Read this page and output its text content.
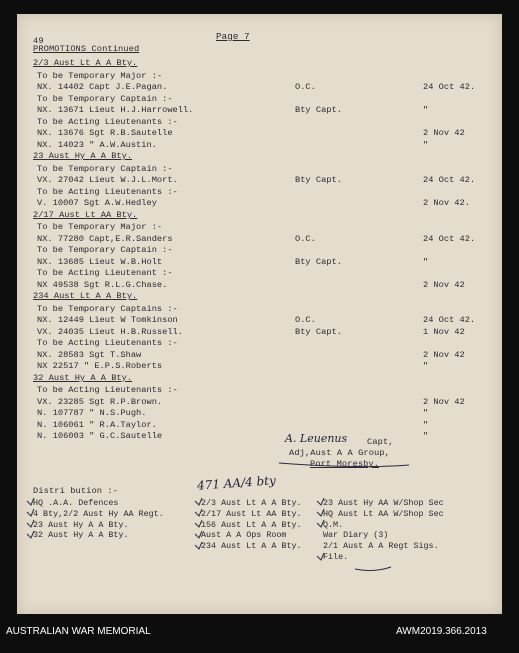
49	Page 7
PROMOTIONS Continued
2/3 Aust Lt A A Bty.
To be Temporary Major :-
NX. 14402 Capt J.E.Pagan.	O.C.	24 Oct 42.
To be Temporary Captain :-
NX. 13671 Lieut H.J.Harrowell.	Bty Capt.	"
To be Acting Lieutenants :-
NX. 13676 Sgt R.B.Sautelle	2 Nov 42
NX. 14023 " A.W.Austin.	"
23 Aust Hy A A Bty.
To be Temporary Captain :-
VX. 27042 Lieut W.J.L.Mort.	Bty Capt.	24 Oct 42.
To be Acting Lieutenants :-
V. 10007 Sgt A.W.Hedley	2 Nov 42.
2/17 Aust Lt AA Bty.
To be Temporary Major :-
NX. 77280 Capt,E.R.Sanders	O.C.	24 Oct 42.
To be Temporary Captain :-
NX. 13685 Lieut W.B.Holt	Bty Capt.	"
To be Acting Lieutenant :-
NX 49538 Sgt R.L.G.Chase.	2 Nov 42
234 Aust Lt A A Bty.
To be Temporary Captains :-
NX. 12449 Lieut W Tomkinson	O.C.	24 Oct 42.
VX. 24035 Lieut H.B.Russell.	Bty Capt.	1 Nov 42
To be Acting Lieutenants :-
NX. 28583 Sgt T.Shaw	2 Nov 42
NX 22517 " E.P.S.Roberts	"
32 Aust Hy A A Bty.
To be Acting Lieutenants :-
VX. 23285 Sgt R.P.Brown.	2 Nov 42
N. 107787 " N.S.Pugh.	"
N. 106061 " R.A.Taylor.	"
N. 106003 " G.C.Sautelle	"
A. Leuenus Capt,
Adj,Aust A A Group,
Port Moresby.
Distri bution :-
HQ .A.A. Defences
4 Bty,2/2 Aust Hy AA Regt.
23 Aust Hy A A Bty.
32 Aust Hy A A Bty.
2/3 Aust Lt A A Bty.
2/17 Aust Lt AA Bty.
156 Aust Lt A A Bty.
Aust A A Ops Room
234 Aust Lt A A Bty.
23 Aust Hy AA W/Shop Sec
HQ Aust Lt AA W/Shop Sec
Q.M.
War Diary (3)
2/1 Aust A A Regt Sigs.
File.
471 AA/4 bty
AUSTRALIAN WAR MEMORIAL	AWM2019.366.2013
